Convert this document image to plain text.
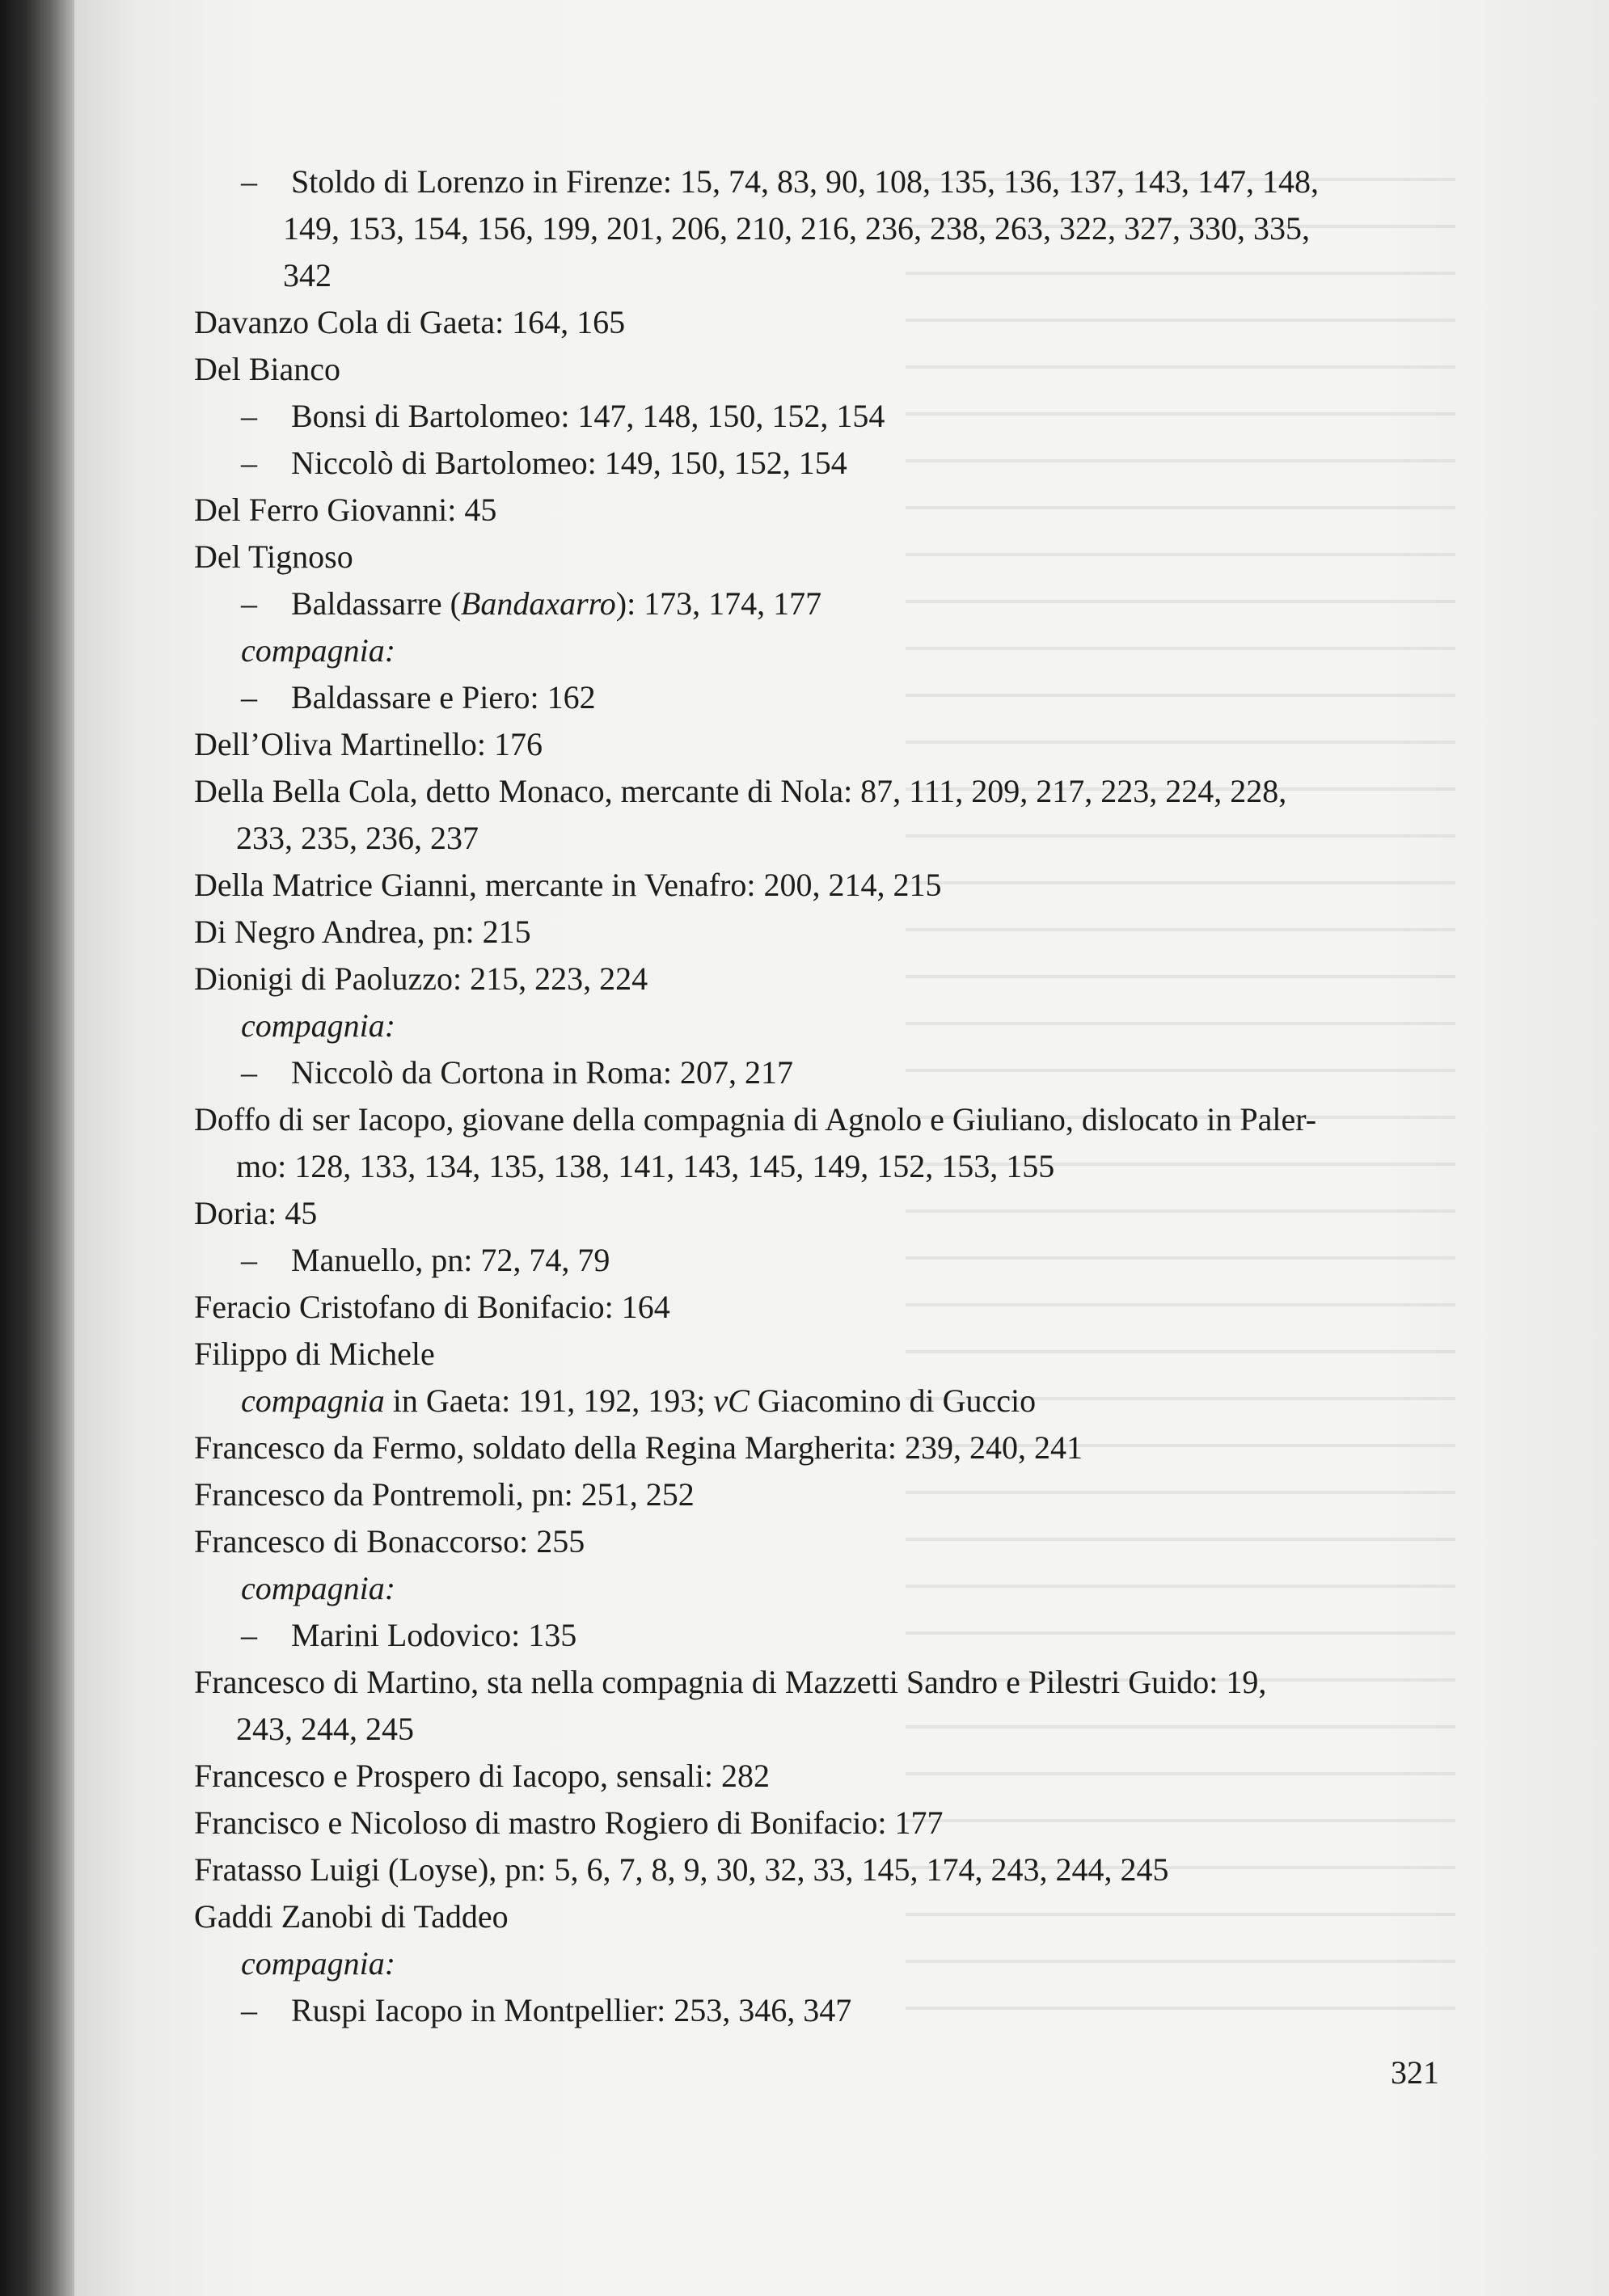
– Stoldo di Lorenzo in Firenze: 15, 74, 83, 90, 108, 135, 136, 137, 143, 147, 148,
149, 153, 154, 156, 199, 201, 206, 210, 216, 236, 238, 263, 322, 327, 330, 335,
342
Davanzo Cola di Gaeta: 164, 165
Del Bianco
– Bonsi di Bartolomeo: 147, 148, 150, 152, 154
– Niccolò di Bartolomeo: 149, 150, 152, 154
Del Ferro Giovanni: 45
Del Tignoso
– Baldassarre (Bandaxarro): 173, 174, 177
compagnia:
– Baldassare e Piero: 162
Dell’Oliva Martinello: 176
Della Bella Cola, detto Monaco, mercante di Nola: 87, 111, 209, 217, 223, 224, 228,
233, 235, 236, 237
Della Matrice Gianni, mercante in Venafro: 200, 214, 215
Di Negro Andrea, pn: 215
Dionigi di Paoluzzo: 215, 223, 224
compagnia:
– Niccolò da Cortona in Roma: 207, 217
Doffo di ser Iacopo, giovane della compagnia di Agnolo e Giuliano, dislocato in Paler-
mo: 128, 133, 134, 135, 138, 141, 143, 145, 149, 152, 153, 155
Doria: 45
– Manuello, pn: 72, 74, 79
Feracio Cristofano di Bonifacio: 164
Filippo di Michele
compagnia in Gaeta: 191, 192, 193; vC Giacomino di Guccio
Francesco da Fermo, soldato della Regina Margherita: 239, 240, 241
Francesco da Pontremoli, pn: 251, 252
Francesco di Bonaccorso: 255
compagnia:
– Marini Lodovico: 135
Francesco di Martino, sta nella compagnia di Mazzetti Sandro e Pilestri Guido: 19,
243, 244, 245
Francesco e Prospero di Iacopo, sensali: 282
Francisco e Nicoloso di mastro Rogiero di Bonifacio: 177
Fratasso Luigi (Loyse), pn: 5, 6, 7, 8, 9, 30, 32, 33, 145, 174, 243, 244, 245
Gaddi Zanobi di Taddeo
compagnia:
– Ruspi Iacopo in Montpellier: 253, 346, 347
321
